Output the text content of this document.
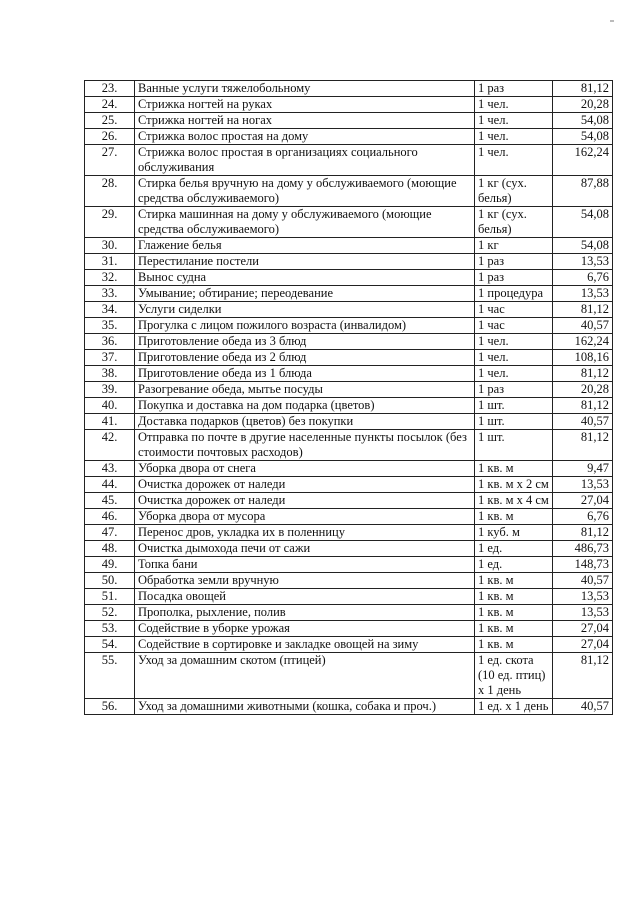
23.	Ванные услуги тяжелобольному	1 раз	81,12
24.	Стрижка ногтей на руках	1 чел.	20,28
25.	Стрижка ногтей на ногах	1 чел.	54,08
26.	Стрижка волос простая на дому	1 чел.	54,08
27.	Стрижка волос простая в организациях социального обслуживания	1 чел.	162,24
28.	Стирка белья вручную на дому у обслуживаемого (моющие средства обслуживаемого)	1 кг (сух. белья)	87,88
29.	Стирка машинная на дому у обслуживаемого (моющие средства обслуживаемого)	1 кг (сух. белья)	54,08
30.	Глажение белья	1 кг	54,08
31.	Перестилание постели	1 раз	13,53
32.	Вынос судна	1 раз	6,76
33.	Умывание; обтирание; переодевание	1 процедура	13,53
34.	Услуги сиделки	1 час	81,12
35.	Прогулка с лицом пожилого возраста (инвалидом)	1 час	40,57
36.	Приготовление обеда из 3 блюд	1 чел.	162,24
37.	Приготовление обеда из 2 блюд	1 чел.	108,16
38.	Приготовление обеда из 1 блюда	1 чел.	81,12
39.	Разогревание обеда, мытье посуды	1 раз	20,28
40.	Покупка и доставка на дом подарка (цветов)	1 шт.	81,12
41.	Доставка подарков (цветов) без покупки	1 шт.	40,57
42.	Отправка по почте в другие населенные пункты посылок (без стоимости почтовых расходов)	1 шт.	81,12
43.	Уборка двора от снега	1 кв. м	9,47
44.	Очистка дорожек от наледи	1 кв. м х 2 см	13,53
45.	Очистка дорожек от наледи	1 кв. м х 4 см	27,04
46.	Уборка двора от мусора	1 кв. м	6,76
47.	Перенос дров, укладка их в поленницу	1 куб. м	81,12
48.	Очистка дымохода печи от сажи	1 ед.	486,73
49.	Топка бани	1 ед.	148,73
50.	Обработка земли вручную	1 кв. м	40,57
51.	Посадка овощей	1 кв. м	13,53
52.	Прополка, рыхление, полив	1 кв. м	13,53
53.	Содействие в уборке урожая	1 кв. м	27,04
54.	Содействие в сортировке и закладке овощей на зиму	1 кв. м	27,04
55.	Уход за домашним скотом (птицей)	1 ед. скота (10 ед. птиц) х 1 день	81,12
56.	Уход за домашними животными (кошка, собака и проч.)	1 ед. х 1 день	40,57
